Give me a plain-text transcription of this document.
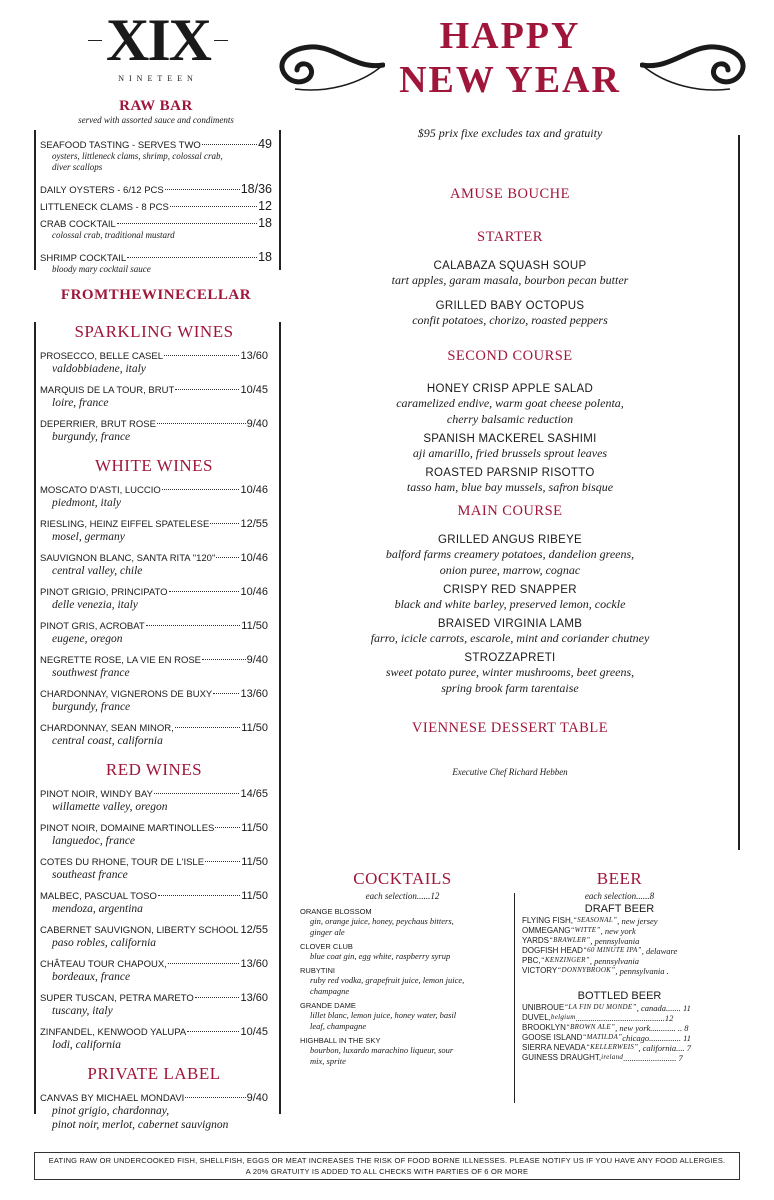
XIX
NINETEEN
HAPPY
NEW YEAR
$95 prix fixe excludes tax and gratuity
RAW BAR
served with assorted sauce and condiments
SEAFOOD TASTING - SERVES TWO	49
oysters, littleneck clams, shrimp, colossal crab,
diver scallops
DAILY OYSTERS - 6/12 PCS	18/36
LITTLENECK CLAMS - 8 PCS	12
CRAB COCKTAIL	18
colossal crab, traditional mustard
SHRIMP COCKTAIL	18
bloody mary cocktail sauce
FROMTHEWINECELLAR
SPARKLING WINES
PROSECCO, BELLE CASEL	13/60
valdobbiadene, italy
MARQUIS DE LA TOUR, BRUT	10/45
loire, france
DEPERRIER, BRUT ROSE	9/40
burgundy, france
WHITE WINES
MOSCATO D'ASTI, LUCCIO	10/46
piedmont, italy
RIESLING, HEINZ EIFFEL SPATELESE	12/55
mosel, germany
SAUVIGNON BLANC, SANTA RITA "120" 10/46
central valley, chile
PINOT GRIGIO, PRINCIPATO	10/46
delle venezia, italy
PINOT GRIS, ACROBAT	11/50
eugene, oregon
NEGRETTE ROSE, LA VIE EN ROSE	9/40
southwest france
CHARDONNAY, VIGNERONS DE BUXY	13/60
burgundy, france
CHARDONNAY, SEAN MINOR,	11/50
central coast, california
RED WINES
PINOT NOIR, WINDY BAY	14/65
willamette valley, oregon
PINOT NOIR, DOMAINE MARTINOLLES 11/50
languedoc, france
COTES DU RHONE, TOUR DE L'ISLE	11/50
southeast france
MALBEC, PASCUAL TOSO	11/50
mendoza, argentina
CABERNET SAUVIGNON, LIBERTY SCHOOL 12/55
paso robles, california
CHÂTEAU TOUR CHAPOUX,	13/60
bordeaux, france
SUPER TUSCAN, PETRA MARETO	13/60
tuscany, italy
ZINFANDEL, KENWOOD YALUPA	10/45
lodi, california
PRIVATE LABEL
CANVAS BY MICHAEL MONDAVI	9/40
pinot grigio, chardonnay,
pinot noir, merlot, cabernet sauvignon
AMUSE BOUCHE
STARTER
CALABAZA SQUASH SOUP
tart apples, garam masala, bourbon pecan butter
GRILLED BABY OCTOPUS
confit potatoes, chorizo, roasted peppers
SECOND COURSE
HONEY CRISP APPLE SALAD
caramelized endive, warm goat cheese polenta,
cherry balsamic reduction
SPANISH MACKEREL SASHIMI
aji amarillo, fried brussels sprout leaves
ROASTED PARSNIP RISOTTO
tasso ham, blue bay mussels, safron bisque
MAIN COURSE
GRILLED ANGUS RIBEYE
balford farms creamery potatoes, dandelion greens,
onion puree, marrow, cognac
CRISPY RED SNAPPER
black and white barley, preserved lemon, cockle
BRAISED VIRGINIA LAMB
farro, icicle carrots, escarole, mint and coriander chutney
STROZZAPRETI
sweet potato puree, winter mushrooms, beet greens,
spring brook farm tarentaise
VIENNESE DESSERT TABLE
Executive Chef Richard Hebben
COCKTAILS
each selection......12
ORANGE BLOSSOM
gin, orange juice, honey, peychaus bitters,
ginger ale
CLOVER CLUB
blue coat gin, egg white, raspberry syrup
RUBYTINI
ruby red vodka, grapefruit juice, lemon juice,
champagne
GRANDE DAME
lillet blanc, lemon juice, honey water, basil
leaf, champagne
HIGHBALL IN THE SKY
bourbon, luxardo marachino liqueur, sour
mix, sprite
BEER
each selection......8
DRAFT BEER
FLYING FISH, “SEASONAL” , new jersey
OMMEGANG “WITTE” , new york
YARDS “BRAWLER” , pennsylvania
DOGFISH HEAD “60 MINUTE IPA” , delaware
PBC, “KENZINGER” , pennsylvania
VICTORY “DONNYBROOK” , pennsylvania .
BOTTLED BEER
UNIBROUE “LA FIN DU MONDE” , canada....... 11
DUVEL, belgium ..........................................12
BROOKLYN “BROWN ALE” , new york............ .. 8
GOOSE ISLAND “MATILDA” chicago............... 11
SIERRA NEVADA “KELLERWEIS” , california.... 7
GUINESS DRAUGHT, ireland ......................... 7
EATING RAW OR UNDERCOOKED FISH, SHELLFISH, EGGS OR MEAT INCREASES THE RISK OF FOOD BORNE ILLNESSES. PLEASE NOTIFY US IF YOU HAVE ANY FOOD ALLERGIES.
A 20% GRATUITY IS ADDED TO ALL CHECKS WITH PARTIES OF 6 OR MORE
